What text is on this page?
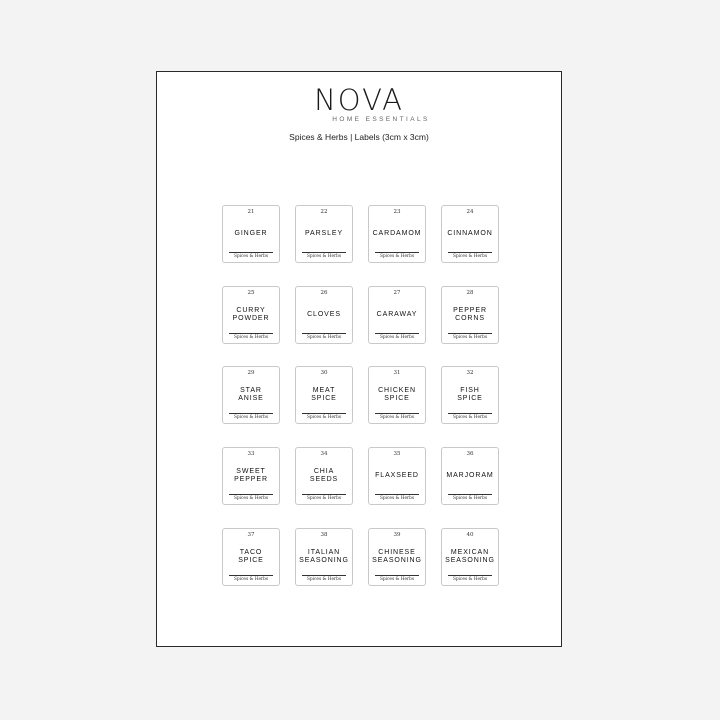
NOVA
HOME ESSENTIALS
Spices & Herbs | Labels (3cm x 3cm)
21
GINGER
Spices & Herbs
22
PARSLEY
Spices & Herbs
23
CARDAMOM
Spices & Herbs
24
CINNAMON
Spices & Herbs
25
CURRY
POWDER
Spices & Herbs
26
CLOVES
Spices & Herbs
27
CARAWAY
Spices & Herbs
28
PEPPER
CORNS
Spices & Herbs
29
STAR
ANISE
Spices & Herbs
30
MEAT
SPICE
Spices & Herbs
31
CHICKEN
SPICE
Spices & Herbs
32
FISH
SPICE
Spices & Herbs
33
SWEET
PEPPER
Spices & Herbs
34
CHIA
SEEDS
Spices & Herbs
35
FLAXSEED
Spices & Herbs
36
MARJORAM
Spices & Herbs
37
TACO
SPICE
Spices & Herbs
38
ITALIAN
SEASONING
Spices & Herbs
39
CHINESE
SEASONING
Spices & Herbs
40
MEXICAN
SEASONING
Spices & Herbs
